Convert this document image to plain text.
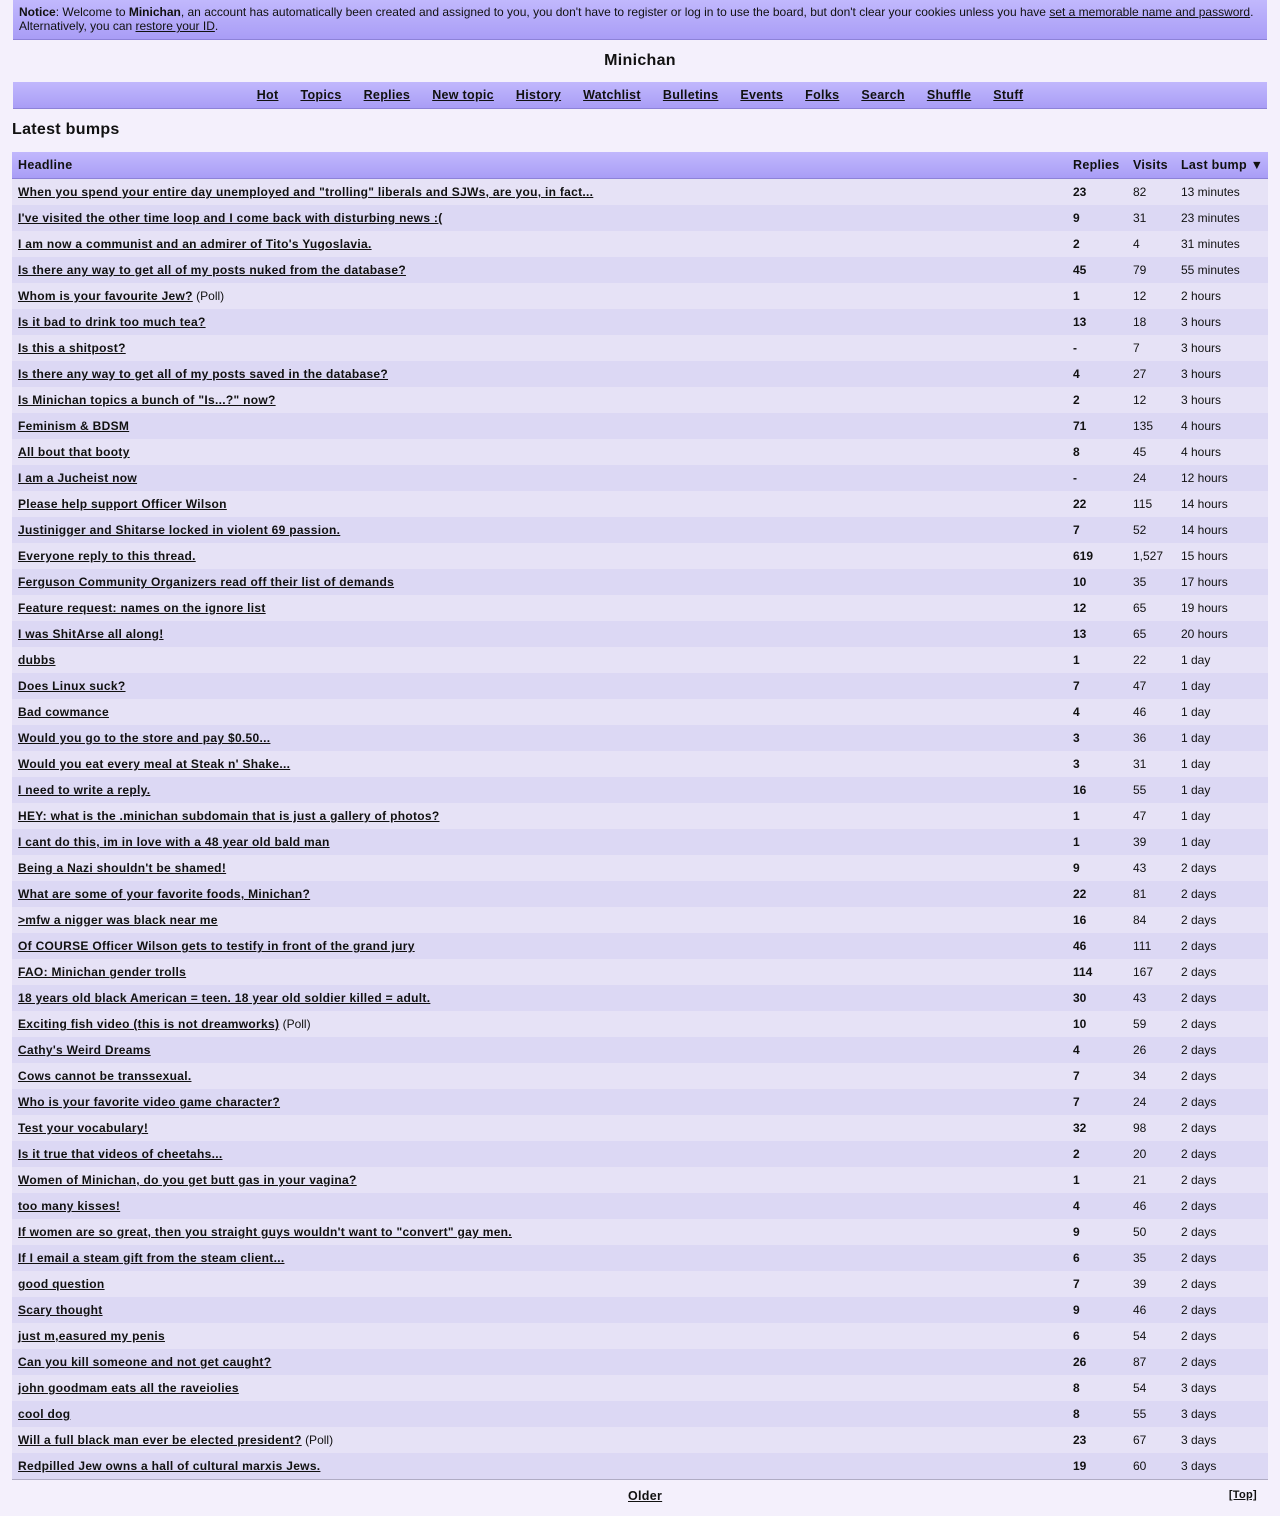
Notice: Welcome to Minichan, an account has automatically been created and assigned to you, you don't have to register or log in to use the board, but don't clear your cookies unless you have set a memorable name and password. Alternatively, you can restore your ID.
Minichan
Hot Topics Replies New topic History Watchlist Bulletins Events Folks Search Shuffle Stuff
Latest bumps
Headline	Replies	Visits	Last bump ▼
When you spend your entire day unemployed and "trolling" liberals and SJWs, are you, in fact...	23	82	13 minutes
I've visited the other time loop and I come back with disturbing news :(	9	31	23 minutes
I am now a communist and an admirer of Tito's Yugoslavia.	2	4	31 minutes
Is there any way to get all of my posts nuked from the database?	45	79	55 minutes
Whom is your favourite Jew? (Poll)	1	12	2 hours
Is it bad to drink too much tea?	13	18	3 hours
Is this a shitpost?	-	7	3 hours
Is there any way to get all of my posts saved in the database?	4	27	3 hours
Is Minichan topics a bunch of "Is...?" now?	2	12	3 hours
Feminism & BDSM	71	135	4 hours
All bout that booty	8	45	4 hours
I am a Jucheist now	-	24	12 hours
Please help support Officer Wilson	22	115	14 hours
Justinigger and Shitarse locked in violent 69 passion.	7	52	14 hours
Everyone reply to this thread.	619	1,527	15 hours
Ferguson Community Organizers read off their list of demands	10	35	17 hours
Feature request: names on the ignore list	12	65	19 hours
I was ShitArse all along!	13	65	20 hours
dubbs	1	22	1 day
Does Linux suck?	7	47	1 day
Bad cowmance	4	46	1 day
Would you go to the store and pay $0.50...	3	36	1 day
Would you eat every meal at Steak n' Shake...	3	31	1 day
I need to write a reply.	16	55	1 day
HEY: what is the .minichan subdomain that is just a gallery of photos?	1	47	1 day
I cant do this, im in love with a 48 year old bald man	1	39	1 day
Being a Nazi shouldn't be shamed!	9	43	2 days
What are some of your favorite foods, Minichan?	22	81	2 days
>mfw a nigger was black near me	16	84	2 days
Of COURSE Officer Wilson gets to testify in front of the grand jury	46	111	2 days
FAO: Minichan gender trolls	114	167	2 days
18 years old black American = teen. 18 year old soldier killed = adult.	30	43	2 days
Exciting fish video (this is not dreamworks) (Poll)	10	59	2 days
Cathy's Weird Dreams	4	26	2 days
Cows cannot be transsexual.	7	34	2 days
Who is your favorite video game character?	7	24	2 days
Test your vocabulary!	32	98	2 days
Is it true that videos of cheetahs...	2	20	2 days
Women of Minichan, do you get butt gas in your vagina?	1	21	2 days
too many kisses!	4	46	2 days
If women are so great, then you straight guys wouldn't want to "convert" gay men.	9	50	2 days
If I email a steam gift from the steam client...	6	35	2 days
good question	7	39	2 days
Scary thought	9	46	2 days
just m,easured my penis	6	54	2 days
Can you kill someone and not get caught?	26	87	2 days
john goodmam eats all the raveiolies	8	54	3 days
cool dog	8	55	3 days
Will a full black man ever be elected president? (Poll)	23	67	3 days
Redpilled Jew owns a hall of cultural marxis Jews.	19	60	3 days
Older	[Top]
